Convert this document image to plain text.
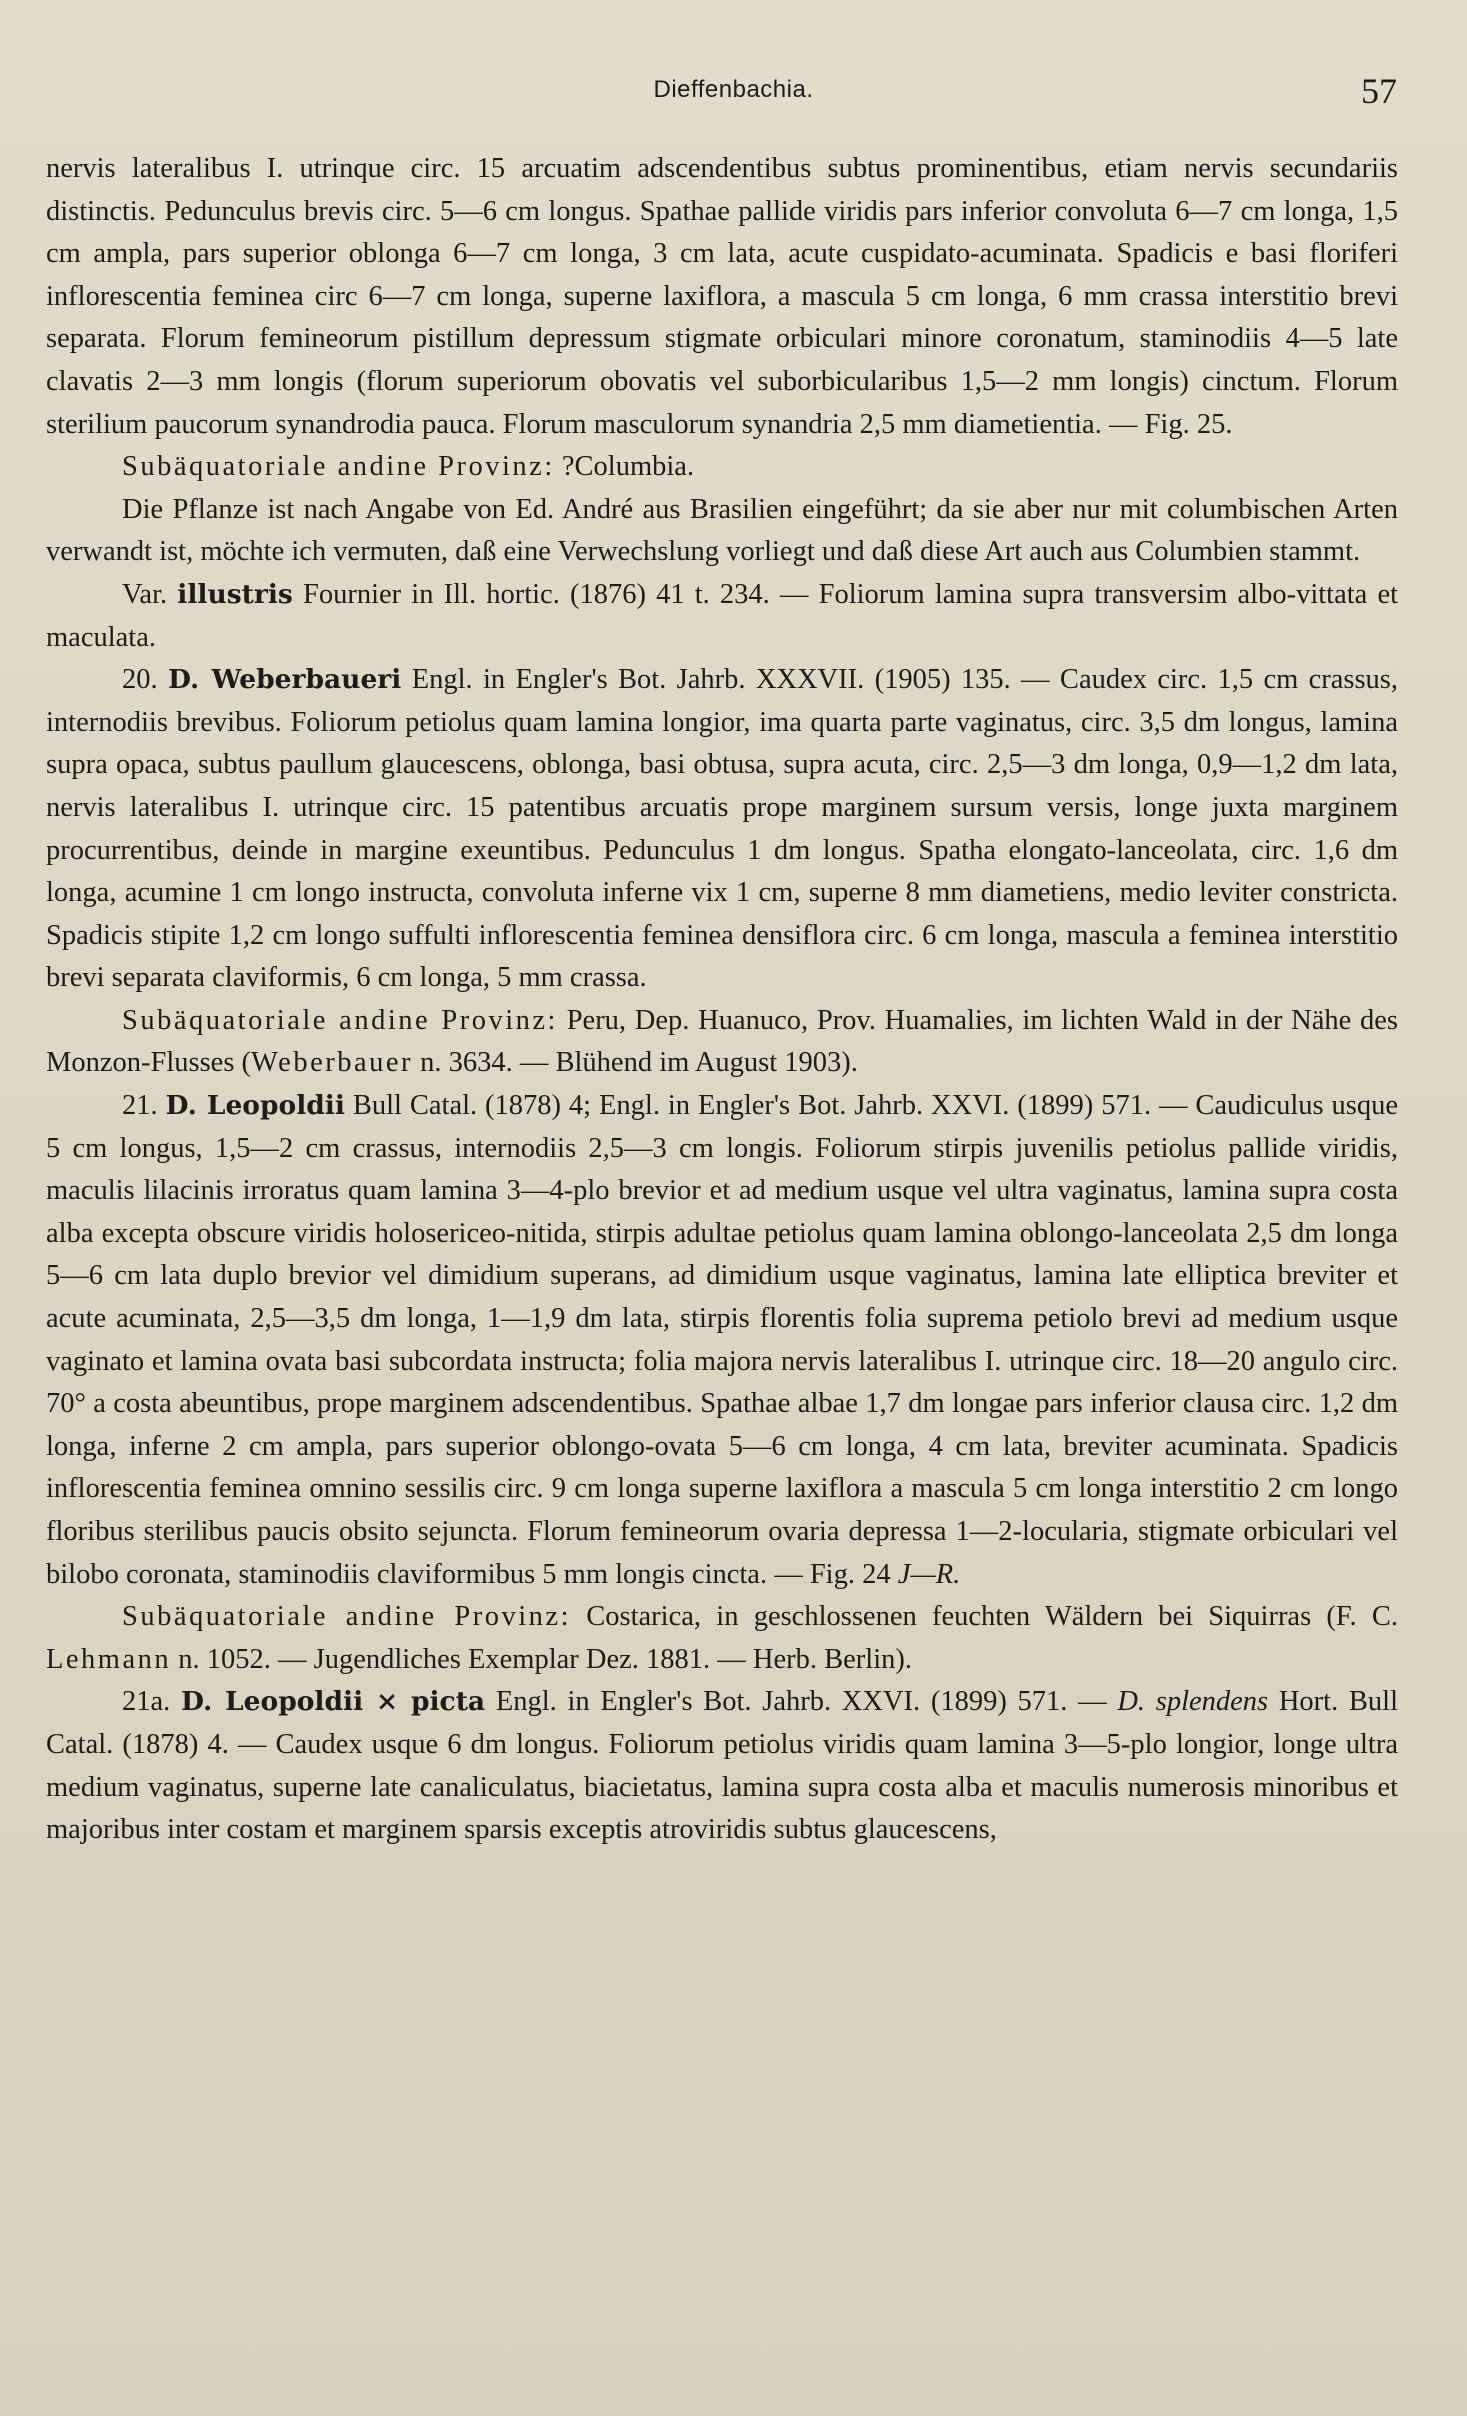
Dieffenbachia.	57

nervis lateralibus I. utrinque circ. 15 arcuatim adscendentibus subtus prominentibus, etiam nervis secundariis distinctis. Pedunculus brevis circ. 5—6 cm longus. Spathae pallide viridis pars inferior convoluta 6—7 cm longa, 1,5 cm ampla, pars superior oblonga 6—7 cm longa, 3 cm lata, acute cuspidato-acuminata. Spadicis e basi floriferi inflorescentia feminea circ 6—7 cm longa, superne laxiflora, a mascula 5 cm longa, 6 mm crassa interstitio brevi separata. Florum femineorum pistillum depressum stigmate orbiculari minore coronatum, staminodiis 4—5 late clavatis 2—3 mm longis (florum superiorum obovatis vel suborbicularibus 1,5—2 mm longis) cinctum. Florum sterilium paucorum synandrodia pauca. Florum masculorum synandria 2,5 mm diametientia. — Fig. 25.

Subäquatoriale andine Provinz: ?Columbia.

Die Pflanze ist nach Angabe von Ed. André aus Brasilien eingeführt; da sie aber nur mit columbischen Arten verwandt ist, möchte ich vermuten, daß eine Verwechslung vorliegt und daß diese Art auch aus Columbien stammt.

Var. illustris Fournier in Ill. hortic. (1876) 41 t. 234. — Foliorum lamina supra transversim albo-vittata et maculata.

20. D. Weberbaueri Engl. in Engler's Bot. Jahrb. XXXVII. (1905) 135. — Caudex circ. 1,5 cm crassus, internodiis brevibus. Foliorum petiolus quam lamina longior, ima quarta parte vaginatus, circ. 3,5 dm longus, lamina supra opaca, subtus paullum glaucescens, oblonga, basi obtusa, supra acuta, circ. 2,5—3 dm longa, 0,9—1,2 dm lata, nervis lateralibus I. utrinque circ. 15 patentibus arcuatis prope marginem sursum versis, longe juxta marginem procurrentibus, deinde in margine exeuntibus. Pedunculus 1 dm longus. Spatha elongato-lanceolata, circ. 1,6 dm longa, acumine 1 cm longo instructa, convoluta inferne vix 1 cm, superne 8 mm diametiens, medio leviter constricta. Spadicis stipite 1,2 cm longo suffulti inflorescentia feminea densiflora circ. 6 cm longa, mascula a feminea interstitio brevi separata claviformis, 6 cm longa, 5 mm crassa.

Subäquatoriale andine Provinz: Peru, Dep. Huanuco, Prov. Huamalies, im lichten Wald in der Nähe des Monzon-Flusses (Weberbauer n. 3634. — Blühend im August 1903).

21. D. Leopoldii Bull Catal. (1878) 4; Engl. in Engler's Bot. Jahrb. XXVI. (1899) 571. — Caudiculus usque 5 cm longus, 1,5—2 cm crassus, internodiis 2,5—3 cm longis. Foliorum stirpis juvenilis petiolus pallide viridis, maculis lilacinis irroratus quam lamina 3—4-plo brevior et ad medium usque vel ultra vaginatus, lamina supra costa alba excepta obscure viridis holosericeo-nitida, stirpis adultae petiolus quam lamina oblongo-lanceolata 2,5 dm longa 5—6 cm lata duplo brevior vel dimidium superans, ad dimidium usque vaginatus, lamina late elliptica breviter et acute acuminata, 2,5—3,5 dm longa, 1—1,9 dm lata, stirpis florentis folia suprema petiolo brevi ad medium usque vaginato et lamina ovata basi subcordata instructa; folia majora nervis lateralibus I. utrinque circ. 18—20 angulo circ. 70° a costa abeuntibus, prope marginem adscendentibus. Spathae albae 1,7 dm longae pars inferior clausa circ. 1,2 dm longa, inferne 2 cm ampla, pars superior oblongo-ovata 5—6 cm longa, 4 cm lata, breviter acuminata. Spadicis inflorescentia feminea omnino sessilis circ. 9 cm longa superne laxiflora a mascula 5 cm longa interstitio 2 cm longo floribus sterilibus paucis obsito sejuncta. Florum femineorum ovaria depressa 1—2-locularia, stigmate orbiculari vel bilobo coronata, staminodiis claviformibus 5 mm longis cincta. — Fig. 24 J—R.

Subäquatoriale andine Provinz: Costarica, in geschlossenen feuchten Wäldern bei Siquirras (F. C. Lehmann n. 1052. — Jugendliches Exemplar Dez. 1881. — Herb. Berlin).

21a. D. Leopoldii × picta Engl. in Engler's Bot. Jahrb. XXVI. (1899) 571. — D. splendens Hort. Bull Catal. (1878) 4. — Caudex usque 6 dm longus. Foliorum petiolus viridis quam lamina 3—5-plo longior, longe ultra medium vaginatus, superne late canaliculatus, biacietatus, lamina supra costa alba et maculis numerosis minoribus et majoribus inter costam et marginem sparsis exceptis atroviridis subtus glaucescens,
